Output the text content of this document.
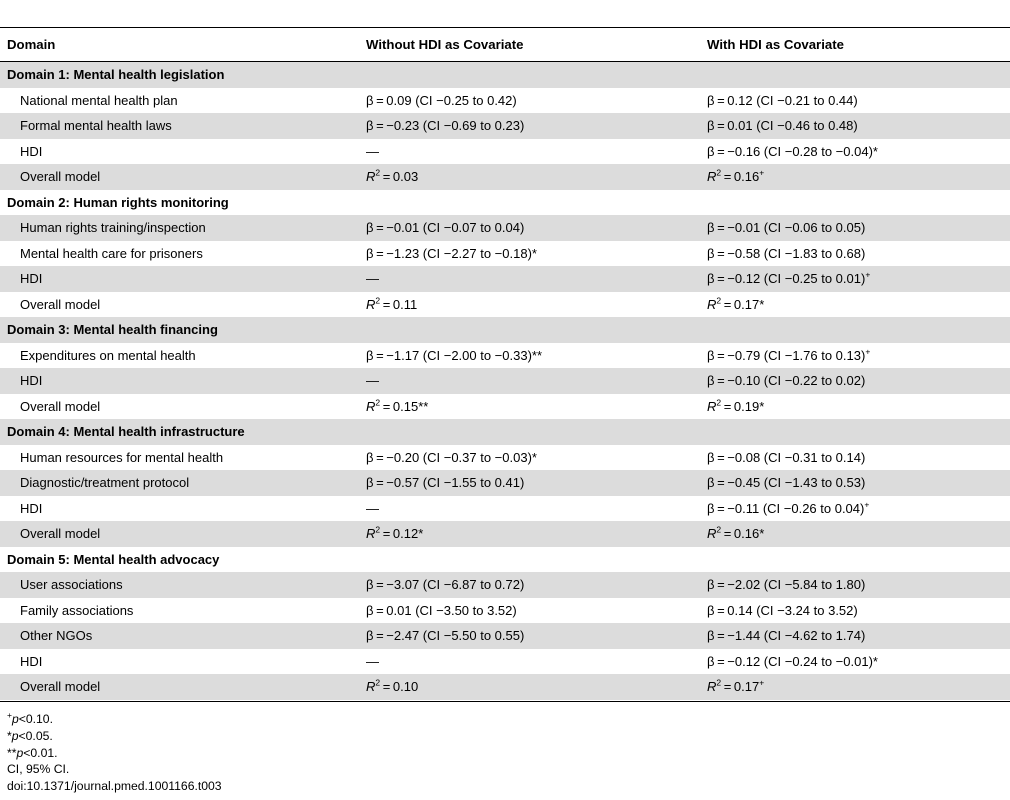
Domain	Without HDI as Covariate	With HDI as Covariate
Domain 1: Mental health legislation
National mental health plan	β = 0.09 (CI −0.25 to 0.42)	β = 0.12 (CI −0.21 to 0.44)
Formal mental health laws	β = −0.23 (CI −0.69 to 0.23)	β = 0.01 (CI −0.46 to 0.48)
HDI	—	β = −0.16 (CI −0.28 to −0.04)*
Overall model	$R^2 = 0.03$	$R^2 = 0.16^+$
Domain 2: Human rights monitoring
Human rights training/inspection	β = −0.01 (CI −0.07 to 0.04)	β = −0.01 (CI −0.06 to 0.05)
Mental health care for prisoners	β = −1.23 (CI −2.27 to −0.18)*	β = −0.58 (CI −1.83 to 0.68)
HDI	—	β = −0.12 (CI −0.25 to 0.01)+
Overall model	$R^2 = 0.11$	$R^2 = 0.17*$
Domain 3: Mental health financing
Expenditures on mental health	β = −1.17 (CI −2.00 to −0.33)**	β = −0.79 (CI −1.76 to 0.13)+
HDI	—	β = −0.10 (CI −0.22 to 0.02)
Overall model	$R^2 = 0.15**$	$R^2 = 0.19*$
Domain 4: Mental health infrastructure
Human resources for mental health	β = −0.20 (CI −0.37 to −0.03)*	β = −0.08 (CI −0.31 to 0.14)
Diagnostic/treatment protocol	β = −0.57 (CI −1.55 to 0.41)	β = −0.45 (CI −1.43 to 0.53)
HDI	—	β = −0.11 (CI −0.26 to 0.04)+
Overall model	$R^2 = 0.12*$	$R^2 = 0.16*$
Domain 5: Mental health advocacy
User associations	β = −3.07 (CI −6.87 to 0.72)	β = −2.02 (CI −5.84 to 1.80)
Family associations	β = 0.01 (CI −3.50 to 3.52)	β = 0.14 (CI −3.24 to 3.52)
Other NGOs	β = −2.47 (CI −5.50 to 0.55)	β = −1.44 (CI −4.62 to 1.74)
HDI	—	β = −0.12 (CI −0.24 to −0.01)*
Overall model	$R^2 = 0.10$	$R^2 = 0.17^+$
+p<0.10.
*p<0.05.
**p<0.01.
CI, 95% CI.
doi:10.1371/journal.pmed.1001166.t003
